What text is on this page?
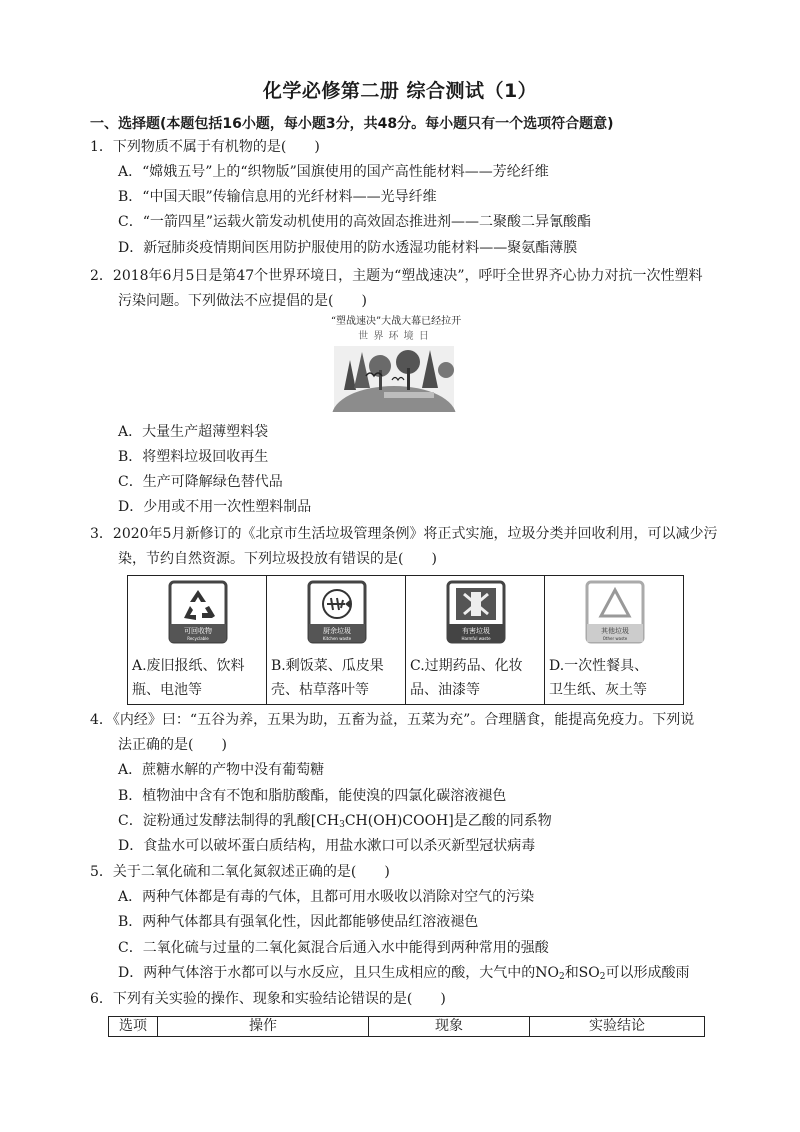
化学必修第二册 综合测试（1）
一、选择题(本题包括16小题，每小题3分，共48分。每小题只有一个选项符合题意)
1．下列物质不属于有机物的是(　　)
A．“嫦娥五号”上的“织物版”国旗使用的国产高性能材料——芳纶纤维
B．“中国天眼”传输信息用的光纤材料——光导纤维
C．“一箭四星”运载火箭发动机使用的高效固态推进剂——二聚酸二异氰酸酯
D．新冠肺炎疫情期间医用防护服使用的防水透湿功能材料——聚氨酯薄膜
2．2018年6月5日是第47个世界环境日，主题为“塑战速决”，呼吁全世界齐心协力对抗一次性塑料
污染问题。下列做法不应提倡的是(　　)
“塑战速决”大战大幕已经拉开
世 界 环 境 日
A．大量生产超薄塑料袋
B．将塑料垃圾回收再生
C．生产可降解绿色替代品
D．少用或不用一次性塑料制品
3．2020年5月新修订的《北京市生活垃圾管理条例》将正式实施，垃圾分类并回收利用，可以减少污
染，节约自然资源。下列垃圾投放有错误的是(　　)
可回收物
Recyclable
A.废旧报纸、饮料
瓶、电池等

厨余垃圾
Kitchen waste
B.剩饭菜、瓜皮果
壳、枯草落叶等

有害垃圾
Harmful waste
C.过期药品、化妆
品、油漆等

其他垃圾
Other waste
D.一次性餐具、
卫生纸、灰土等
4．《内经》曰：“五谷为养，五果为助，五畜为益，五菜为充”。合理膳食，能提高免疫力。下列说
法正确的是(　　)
A．蔗糖水解的产物中没有葡萄糖
B．植物油中含有不饱和脂肪酸酯，能使溴的四氯化碳溶液褪色
C．淀粉通过发酵法制得的乳酸$[CH_3CH(OH)COOH]$是乙酸的同系物
D．食盐水可以破坏蛋白质结构，用盐水漱口可以杀灭新型冠状病毒
5．关于二氧化硫和二氧化氮叙述正确的是(　　)
A．两种气体都是有毒的气体，且都可用水吸收以消除对空气的污染
B．两种气体都具有强氧化性，因此都能够使品红溶液褪色
C．二氧化硫与过量的二氧化氮混合后通入水中能得到两种常用的强酸
D．两种气体溶于水都可以与水反应，且只生成相应的酸，大气中的$NO_2$和$SO_2$可以形成酸雨
6．下列有关实验的操作、现象和实验结论错误的是(　　)
选项	操作	现象	实验结论
